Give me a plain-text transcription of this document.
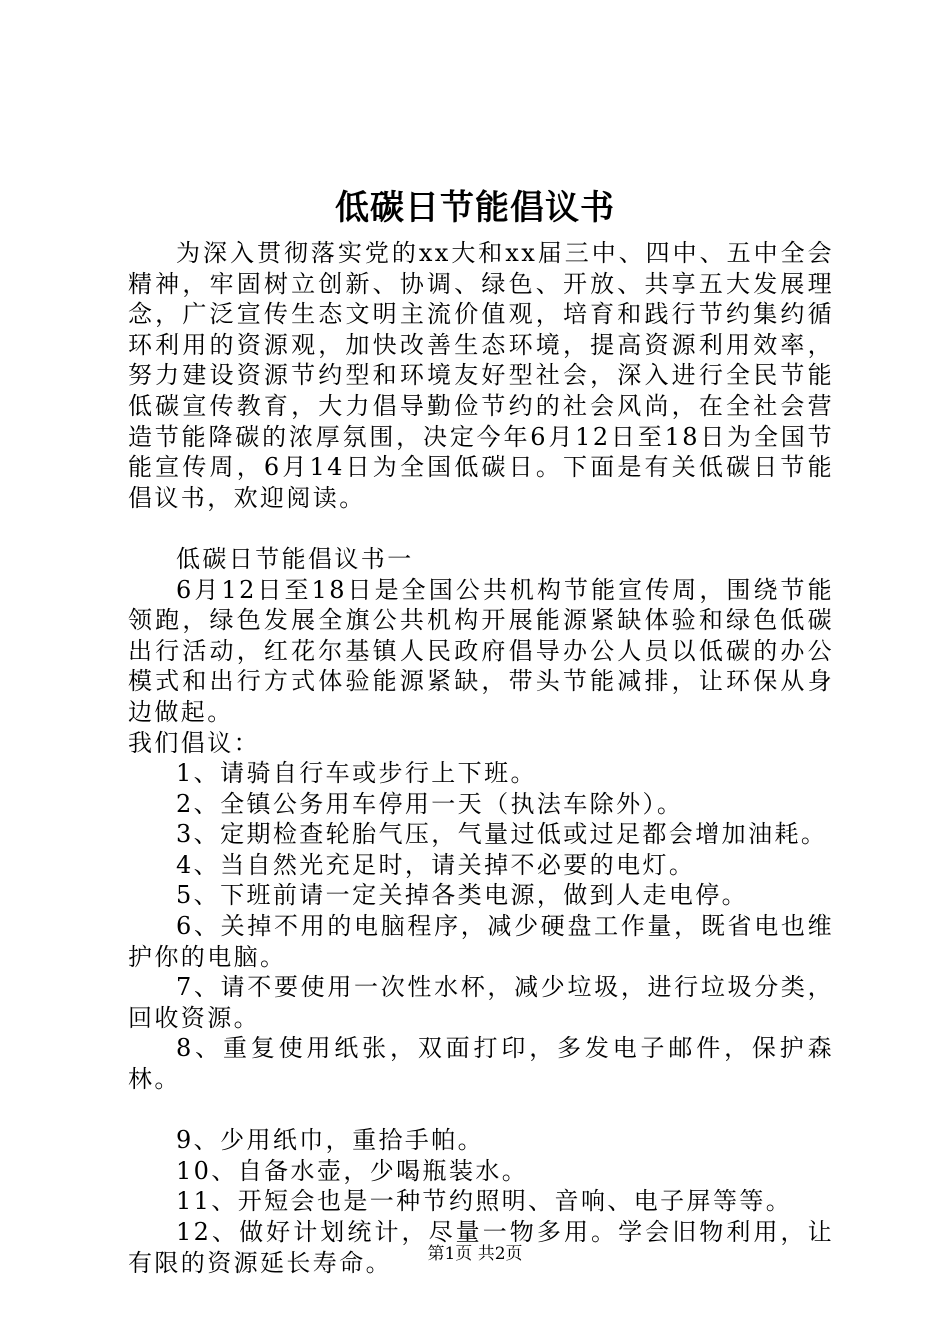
低碳日节能倡议书

为深入贯彻落实党的xx大和xx届三中、四中、五中全会精神，牢固树立创新、协调、绿色、开放、共享五大发展理念，广泛宣传生态文明主流价值观，培育和践行节约集约循环利用的资源观，加快改善生态环境，提高资源利用效率，努力建设资源节约型和环境友好型社会，深入进行全民节能低碳宣传教育，大力倡导勤俭节约的社会风尚，在全社会营造节能降碳的浓厚氛围，决定今年6月12日至18日为全国节能宣传周，6月14日为全国低碳日。下面是有关低碳日节能倡议书，欢迎阅读。

低碳日节能倡议书一

6月12日至18日是全国公共机构节能宣传周，围绕节能领跑，绿色发展全旗公共机构开展能源紧缺体验和绿色低碳出行活动，红花尔基镇人民政府倡导办公人员以低碳的办公模式和出行方式体验能源紧缺，带头节能减排，让环保从身边做起。

我们倡议：

1、请骑自行车或步行上下班。

2、全镇公务用车停用一天（执法车除外）。

3、定期检查轮胎气压，气量过低或过足都会增加油耗。

4、当自然光充足时，请关掉不必要的电灯。

5、下班前请一定关掉各类电源，做到人走电停。

6、关掉不用的电脑程序，减少硬盘工作量，既省电也维护你的电脑。

7、请不要使用一次性水杯，减少垃圾，进行垃圾分类，回收资源。

8、重复使用纸张，双面打印，多发电子邮件，保护森林。

9、少用纸巾，重拾手帕。

10、自备水壶，少喝瓶装水。

11、开短会也是一种节约照明、音响、电子屏等等。

12、做好计划统计，尽量一物多用。学会旧物利用，让有限的资源延长寿命。	第1页 共2页
